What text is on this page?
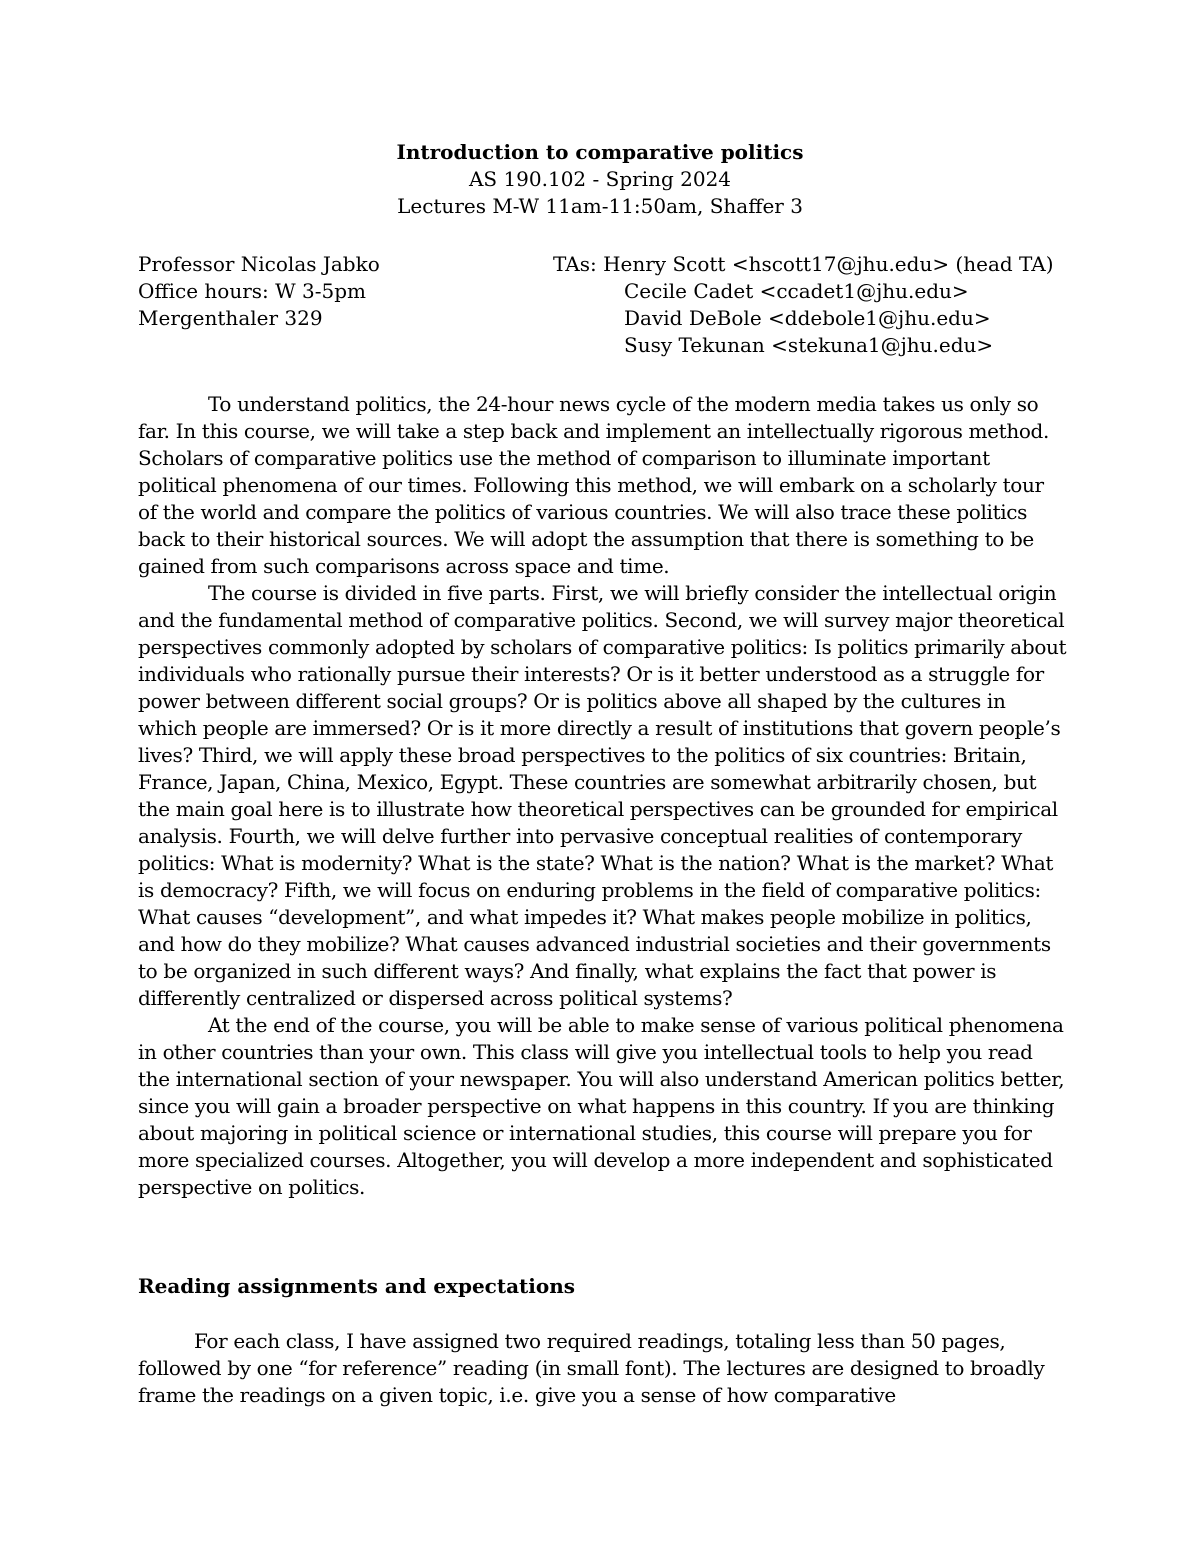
Introduction to comparative politics
AS 190.102 - Spring 2024
Lectures M-W 11am-11:50am, Shaffer 3
Professor Nicolas Jabko
Office hours: W 3-5pm
Mergenthaler 329
TAs: Henry Scott <hscott17@jhu.edu> (head TA)
Cecile Cadet <ccadet1@jhu.edu>
David DeBole <ddebole1@jhu.edu>
Susy Tekunan <stekuna1@jhu.edu>

To understand politics, the 24-hour news cycle of the modern media takes us only so far. In this course, we will take a step back and implement an intellectually rigorous method. Scholars of comparative politics use the method of comparison to illuminate important political phenomena of our times. Following this method, we will embark on a scholarly tour of the world and compare the politics of various countries. We will also trace these politics back to their historical sources. We will adopt the assumption that there is something to be gained from such comparisons across space and time.

The course is divided in five parts. First, we will briefly consider the intellectual origin and the fundamental method of comparative politics. Second, we will survey major theoretical perspectives commonly adopted by scholars of comparative politics: Is politics primarily about individuals who rationally pursue their interests? Or is it better understood as a struggle for power between different social groups? Or is politics above all shaped by the cultures in which people are immersed? Or is it more directly a result of institutions that govern people’s lives? Third, we will apply these broad perspectives to the politics of six countries: Britain, France, Japan, China, Mexico, Egypt. These countries are somewhat arbitrarily chosen, but the main goal here is to illustrate how theoretical perspectives can be grounded for empirical analysis. Fourth, we will delve further into pervasive conceptual realities of contemporary politics: What is modernity? What is the state? What is the nation? What is the market? What is democracy? Fifth, we will focus on enduring problems in the field of comparative politics: What causes “development”, and what impedes it? What makes people mobilize in politics, and how do they mobilize? What causes advanced industrial societies and their governments to be organized in such different ways? And finally, what explains the fact that power is differently centralized or dispersed across political systems?

At the end of the course, you will be able to make sense of various political phenomena in other countries than your own. This class will give you intellectual tools to help you read the international section of your newspaper. You will also understand American politics better, since you will gain a broader perspective on what happens in this country. If you are thinking about majoring in political science or international studies, this course will prepare you for more specialized courses. Altogether, you will develop a more independent and sophisticated perspective on politics.

Reading assignments and expectations

For each class, I have assigned two required readings, totaling less than 50 pages, followed by one “for reference” reading (in small font). The lectures are designed to broadly frame the readings on a given topic, i.e. give you a sense of how comparative
